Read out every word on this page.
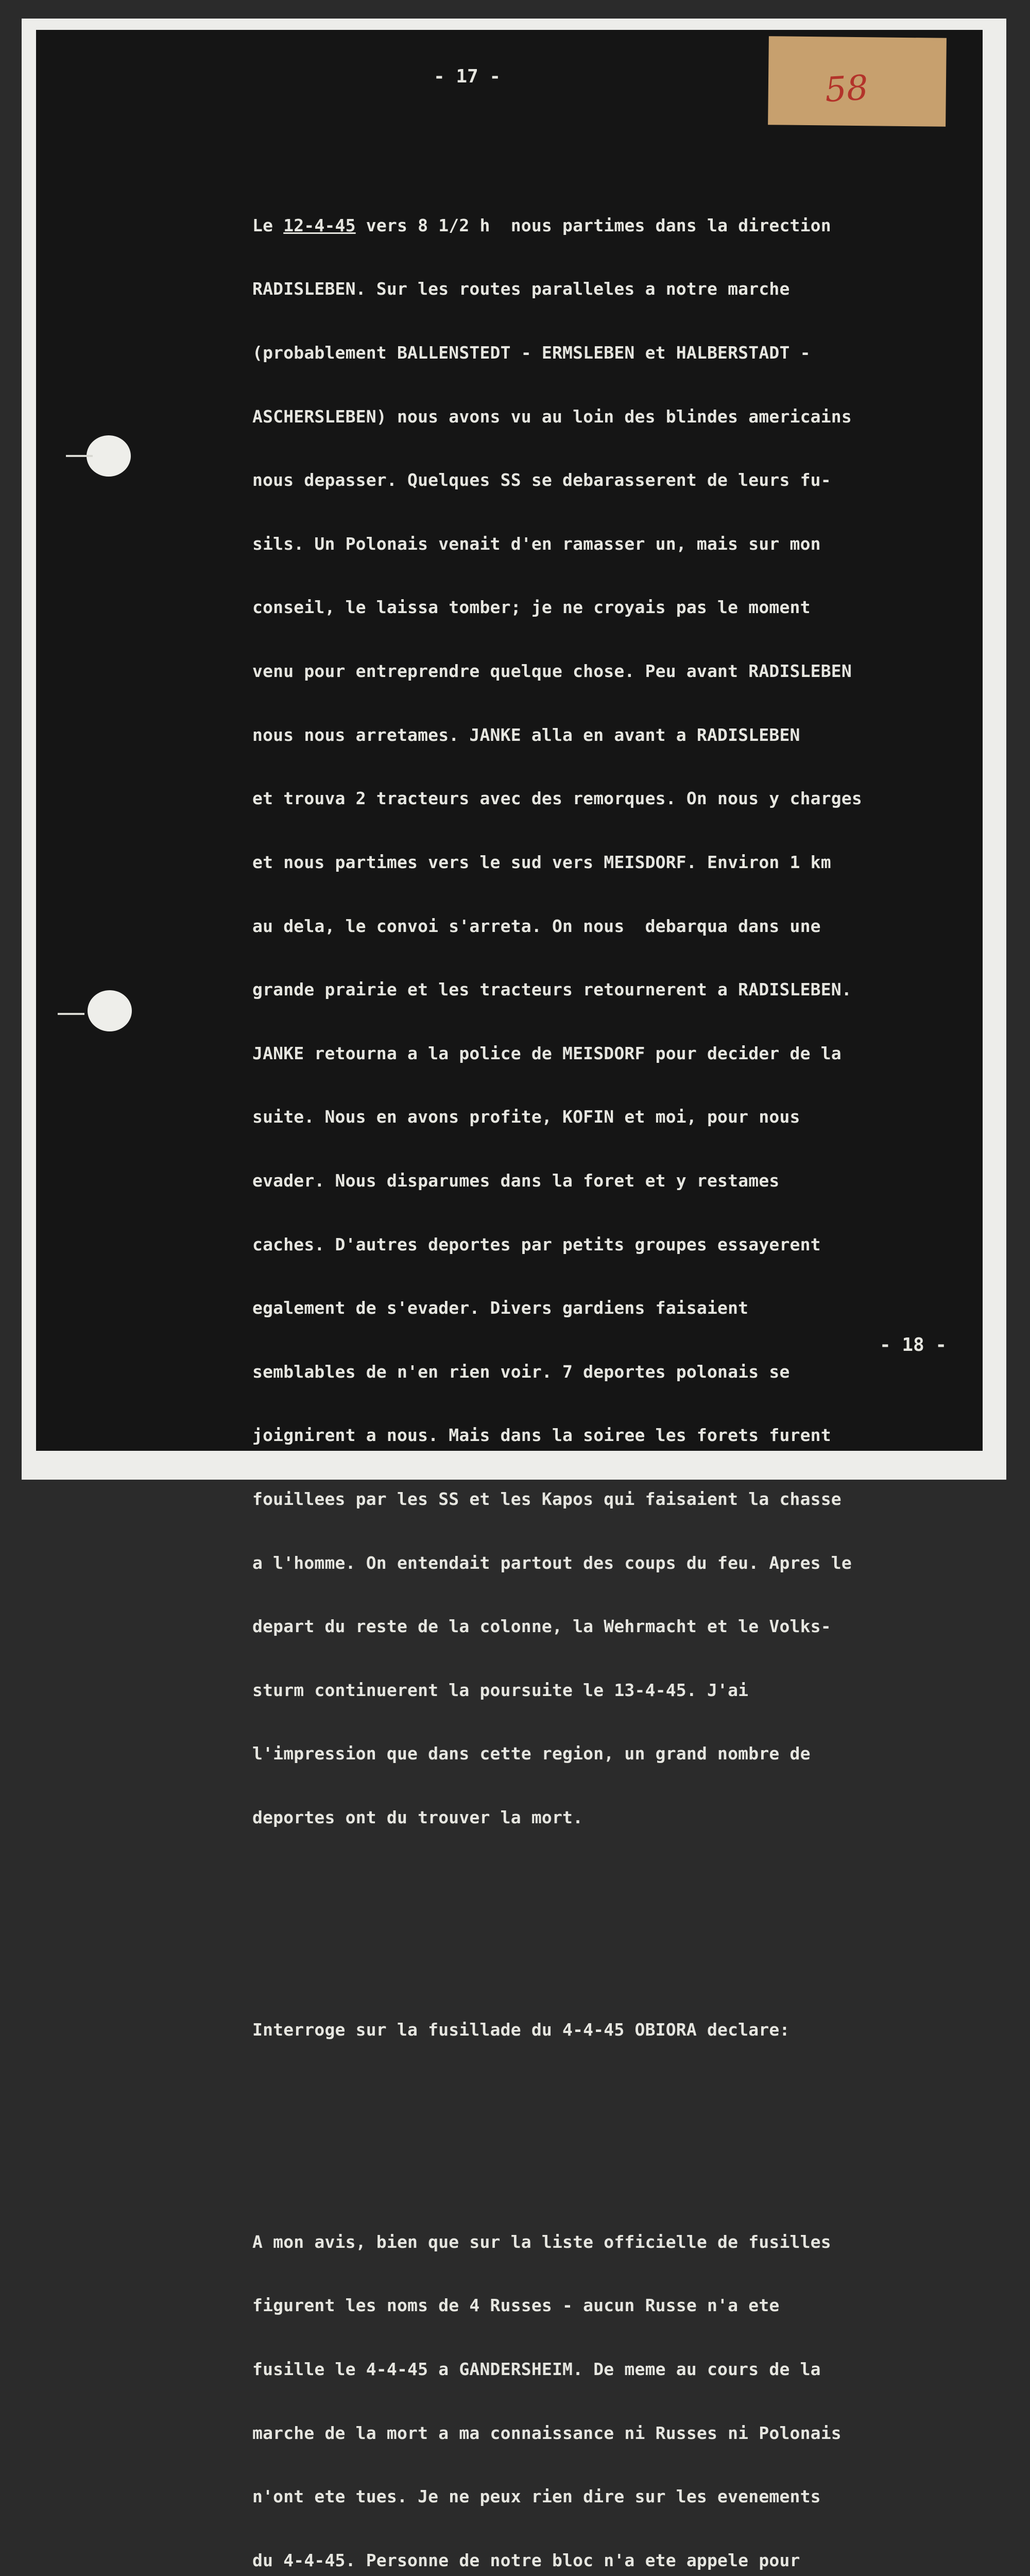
58
- 17 -

Le 12-4-45 vers 8 1/2 h  nous partimes dans la direction

RADISLEBEN. Sur les routes paralleles a notre marche

(probablement BALLENSTEDT - ERMSLEBEN et HALBERSTADT -

ASCHERSLEBEN) nous avons vu au loin des blindes americains

nous depasser. Quelques SS se debarasserent de leurs fu-

sils. Un Polonais venait d'en ramasser un, mais sur mon

conseil, le laissa tomber; je ne croyais pas le moment

venu pour entreprendre quelque chose. Peu avant RADISLEBEN

nous nous arretames. JANKE alla en avant a RADISLEBEN

et trouva 2 tracteurs avec des remorques. On nous y charges

et nous partimes vers le sud vers MEISDORF. Environ 1 km

au dela, le convoi s'arreta. On nous  debarqua dans une

grande prairie et les tracteurs retournerent a RADISLEBEN.

JANKE retourna a la police de MEISDORF pour decider de la

suite. Nous en avons profite, KOFIN et moi, pour nous

evader. Nous disparumes dans la foret et y restames

caches. D'autres deportes par petits groupes essayerent

egalement de s'evader. Divers gardiens faisaient

semblables de n'en rien voir. 7 deportes polonais se

joignirent a nous. Mais dans la soiree les forets furent

fouillees par les SS et les Kapos qui faisaient la chasse

a l'homme. On entendait partout des coups du feu. Apres le

depart du reste de la colonne, la Wehrmacht et le Volks-

sturm continuerent la poursuite le 13-4-45. J'ai

l'impression que dans cette region, un grand nombre de

deportes ont du trouver la mort.

Interroge sur la fusillade du 4-4-45 OBIORA declare:

A mon avis, bien que sur la liste officielle de fusilles

figurent les noms de 4 Russes - aucun Russe n'a ete

fusille le 4-4-45 a GANDERSHEIM. De meme au cours de la

marche de la mort a ma connaissance ni Russes ni Polonais

n'ont ete tues. Je ne peux rien dire sur les evenements

du 4-4-45. Personne de notre bloc n'a ete appele pour

- 18 -
